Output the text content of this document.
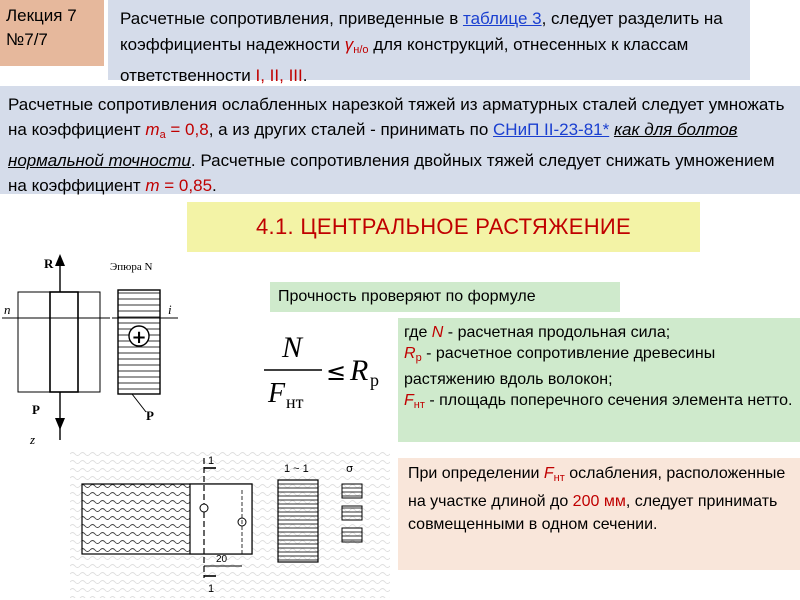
Лекция 7
№7/7
Расчетные сопротивления, приведенные в таблице 3, следует разделить на коэффициенты надежности $\gamma_{н/о}$ для конструкций, отнесенных к классам ответственности I, II, III.
Расчетные сопротивления ослабленных нарезкой тяжей из арматурных сталей следует умножать на коэффициент $m_a = 0,8$, а из других сталей - принимать по СНиП II-23-81* как для болтов нормальной точности. Расчетные сопротивления двойных тяжей следует снижать умножением на коэффициент m = 0,85.
4.1. ЦЕНТРАЛЬНОЕ РАСТЯЖЕНИЕ
Прочность проверяют по формуле
N
F нт
≤ R р
где N - расчетная продольная сила;
$R_р$ - расчетное сопротивление древесины растяжению вдоль волокон;
$F_{нт}$ - площадь поперечного сечения элемента нетто.
При определении $F_{нт}$ ослабления, расположенные на участке длиной до 200 мм, следует принимать совмещенными в одном сечении.
+
R
n	i
P	P
z
Эпюра N
1
1
20
1 ~ 1	σ
